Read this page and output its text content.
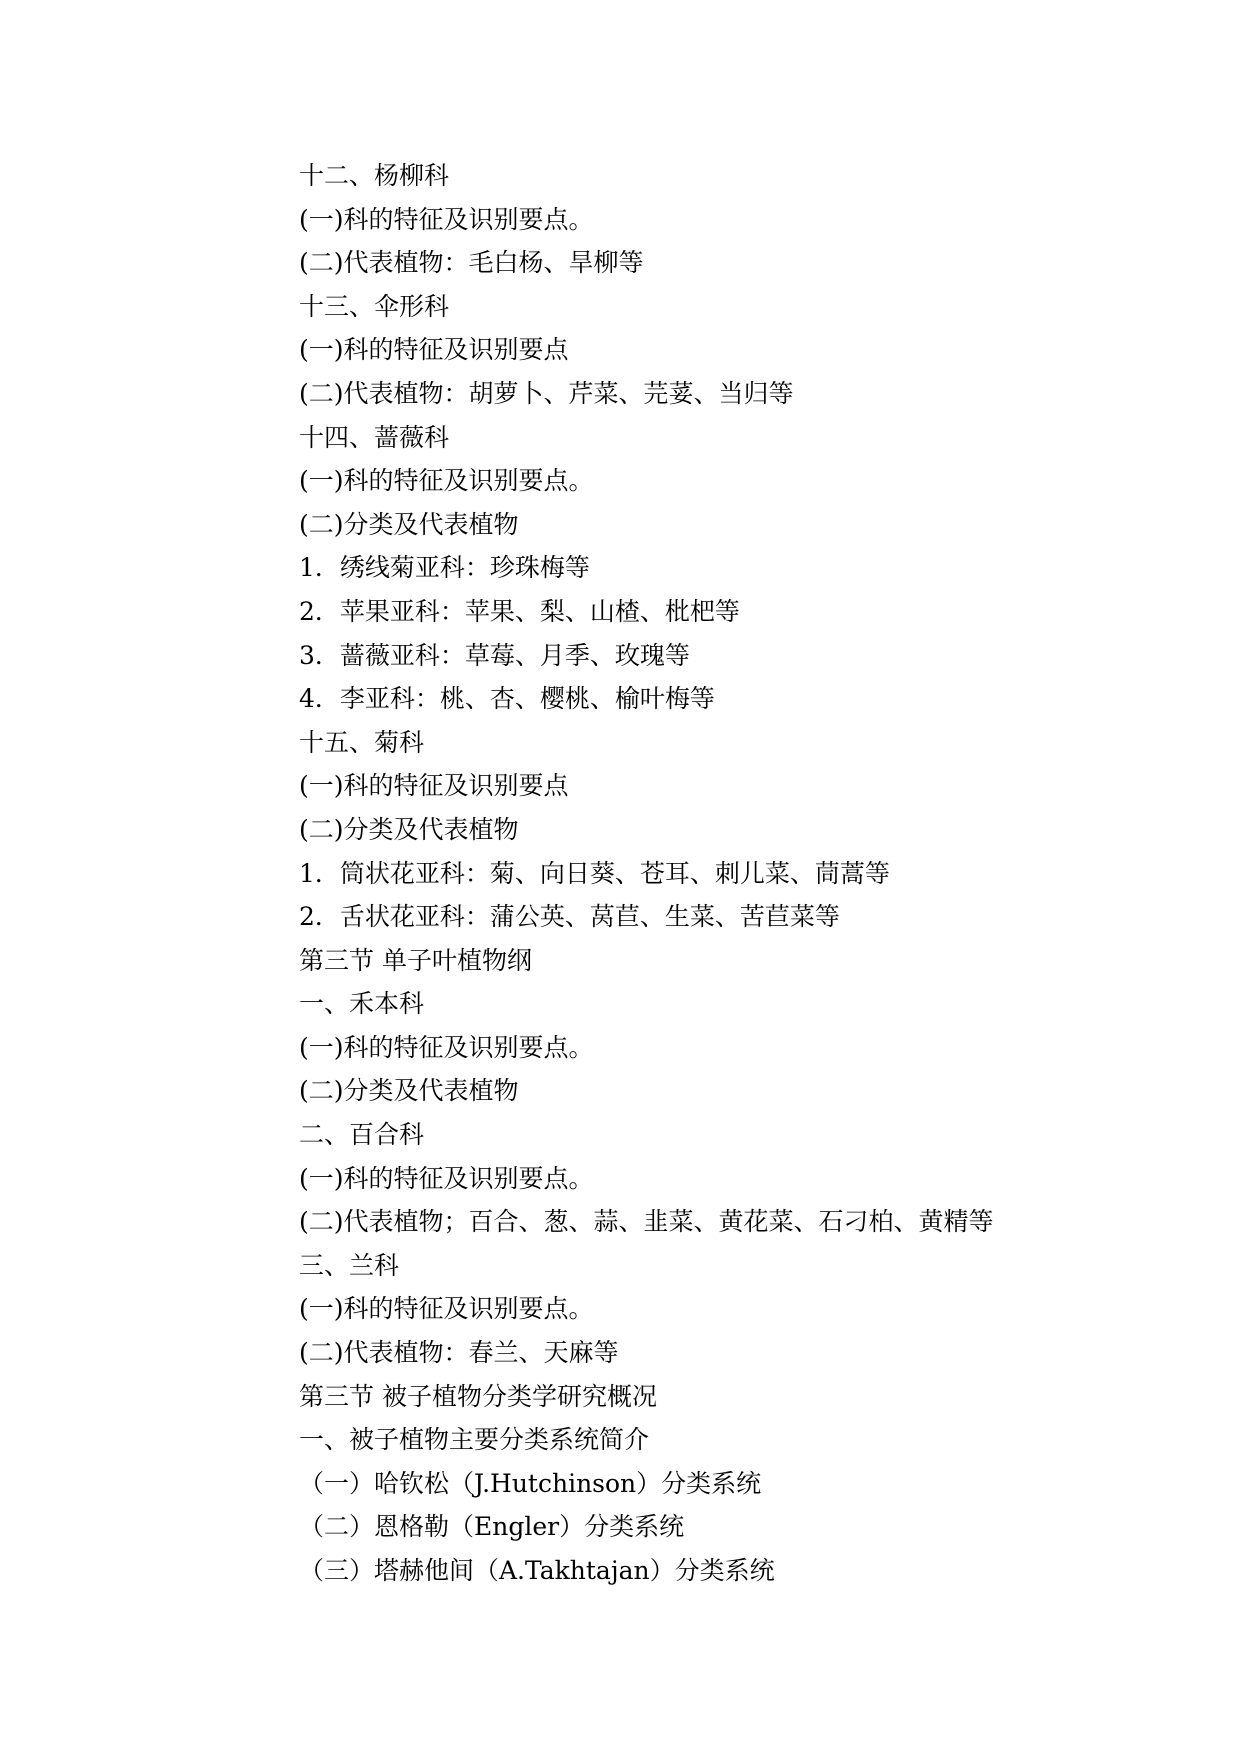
十二、杨柳科
(一)科的特征及识别要点。
(二)代表植物：毛白杨、旱柳等
十三、伞形科
(一)科的特征及识别要点
(二)代表植物：胡萝卜、芹菜、芫荽、当归等
十四、蔷薇科
(一)科的特征及识别要点。
(二)分类及代表植物
1．绣线菊亚科：珍珠梅等
2．苹果亚科：苹果、梨、山楂、枇杷等
3．蔷薇亚科：草莓、月季、玫瑰等
4．李亚科：桃、杏、樱桃、榆叶梅等
十五、菊科
(一)科的特征及识别要点
(二)分类及代表植物
1．筒状花亚科：菊、向日葵、苍耳、刺儿菜、茼蒿等
2．舌状花亚科：蒲公英、莴苣、生菜、苦苣菜等
第三节 单子叶植物纲
一、禾本科
(一)科的特征及识别要点。
(二)分类及代表植物
二、百合科
(一)科的特征及识别要点。
(二)代表植物；百合、葱、蒜、韭菜、黄花菜、石刁柏、黄精等
三、兰科
(一)科的特征及识别要点。
(二)代表植物：春兰、天麻等
第三节 被子植物分类学研究概况
一、被子植物主要分类系统简介
（一）哈钦松（J.Hutchinson）分类系统
（二）恩格勒（Engler）分类系统
（三）塔赫他间（A.Takhtajan）分类系统
